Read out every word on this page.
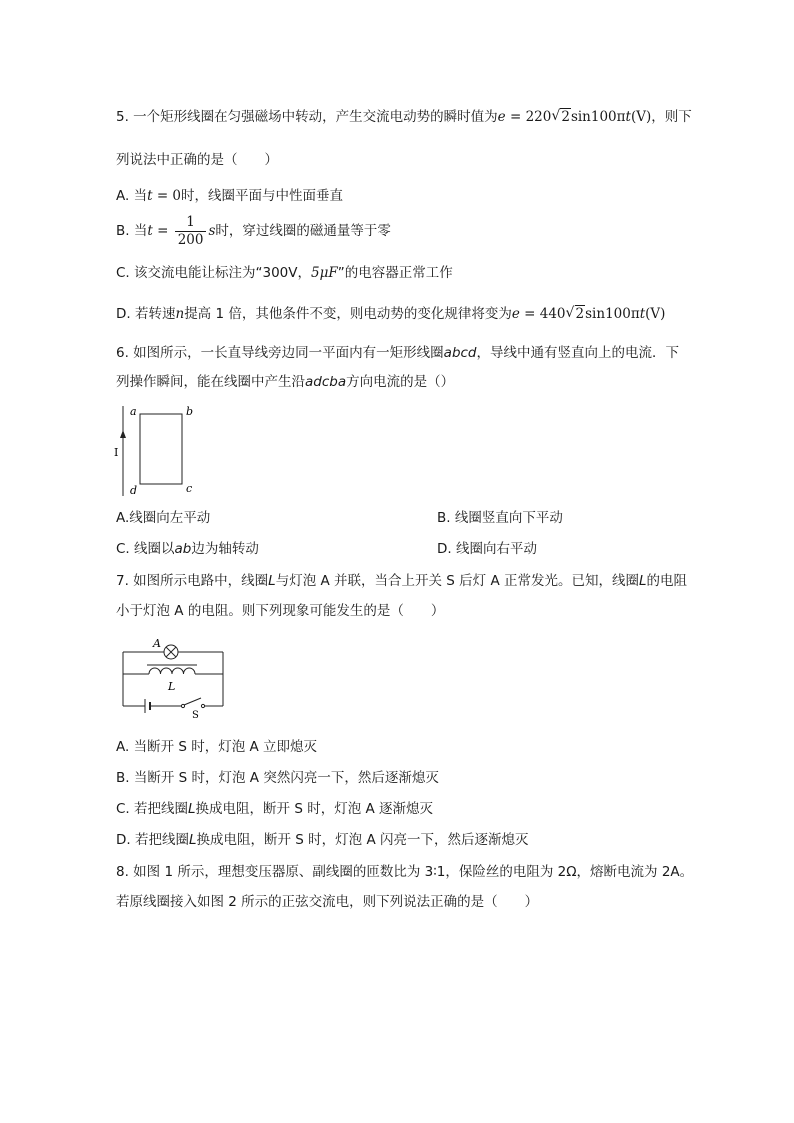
5. 一个矩形线圈在匀强磁场中转动，产生交流电动势的瞬时值为e = 220 √ 2sin100πt(V)，则下
列说法中正确的是（　　）
A. 当t = 0时，线圈平面与中性面垂直
B. 当$t = \frac{1}{200}$ s时，穿过线圈的磁通量等于零
C. 该交流电能让标注为“300V，5μF”的电容器正常工作
D. 若转速n提高 1 倍，其他条件不变，则电动势的变化规律将变为e = 440 √ 2sin100πt(V)
6. 如图所示，一长直导线旁边同一平面内有一矩形线圈abcd，导线中通有竖直向上的电流．下
列操作瞬间，能在线圈中产生沿adcba方向电流的是（）
a	b
d	c
I
A.线圈向左平动	B. 线圈竖直向下平动
C. 线圈以ab边为轴转动	D. 线圈向右平动
7. 如图所示电路中，线圈L与灯泡 A 并联，当合上开关 S 后灯 A 正常发光。已知，线圈L的电阻
小于灯泡 A 的电阻。则下列现象可能发生的是（　　）
A
L
S
A. 当断开 S 时，灯泡 A 立即熄灭
B. 当断开 S 时，灯泡 A 突然闪亮一下，然后逐渐熄灭
C. 若把线圈L换成电阻，断开 S 时，灯泡 A 逐渐熄灭
D. 若把线圈L换成电阻，断开 S 时，灯泡 A 闪亮一下，然后逐渐熄灭
8. 如图 1 所示，理想变压器原、副线圈的匝数比为 3∶1，保险丝的电阻为 2Ω，熔断电流为 2A。
若原线圈接入如图 2 所示的正弦交流电，则下列说法正确的是（　　）
